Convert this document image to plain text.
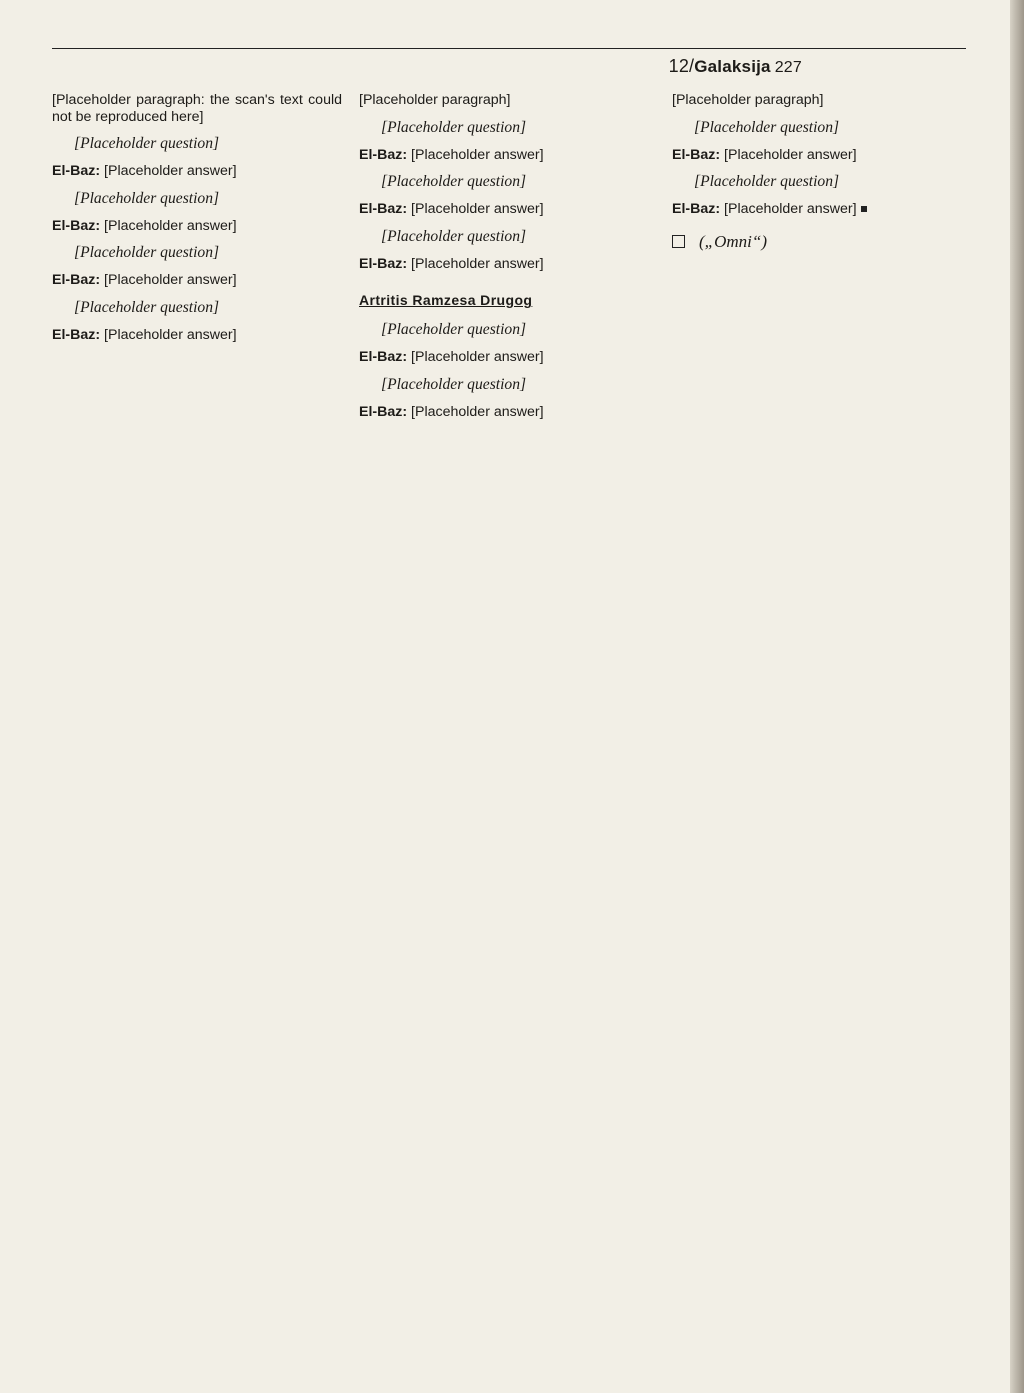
12/Galaksija 227

[Placeholder paragraph: the scan's text could not be reproduced here]

[Placeholder question]

El-Baz: [Placeholder answer]

[Placeholder question]

El-Baz: [Placeholder answer]

[Placeholder question]

El-Baz: [Placeholder answer]

[Placeholder question]

El-Baz: [Placeholder answer]

[Placeholder paragraph]

[Placeholder question]

El-Baz: [Placeholder answer]

[Placeholder question]

El-Baz: [Placeholder answer]

[Placeholder question]

El-Baz: [Placeholder answer]

Artritis Ramzesa Drugog

[Placeholder question]

El-Baz: [Placeholder answer]

[Placeholder question]

El-Baz: [Placeholder answer]

[Placeholder paragraph]

[Placeholder question]

El-Baz: [Placeholder answer]

[Placeholder question]

El-Baz: [Placeholder answer]

(„Omni“)
